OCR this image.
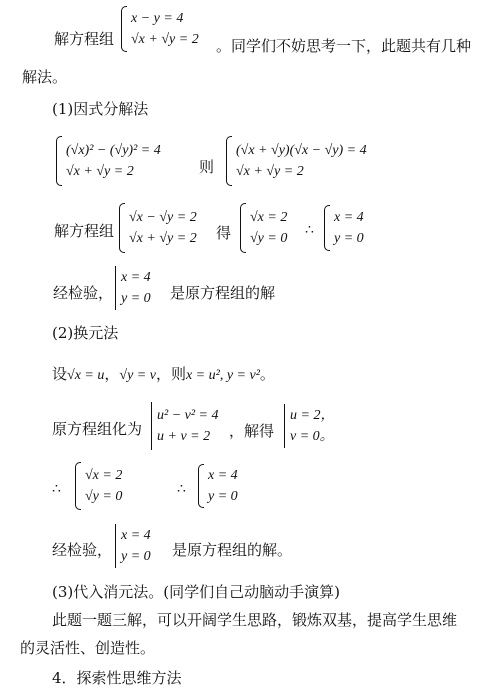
解方程组
x − y = 4
√x + √y = 2 。同学们不妨思考一下，此题共有几种
解法。
(1)因式分解法
(√x)² − (√y)² = 4
√x + √y = 2	则
(√x + √y)(√x − √y) = 4
√x + √y = 2
解方程组
√x − √y = 2
√x + √y = 2 得
√x = 2
√y = 0
∴
x = 4
y = 0
经检验，
x = 4
y = 0 是原方程组的解
(2)换元法
设√x = u，√y = v，则x = u², y = v²。
原方程组化为
u² − v² = 4
u + v = 2	，解得
u = 2，
v = 0。
∴
√x = 2
√y = 0	∴
x = 4
y = 0
经检验，
x = 4
y = 0 是原方程组的解。
(3)代入消元法。(同学们自己动脑动手演算)
此题一题三解，可以开阔学生思路，锻炼双基，提高学生思维
的灵活性、创造性。
4．探索性思维方法
